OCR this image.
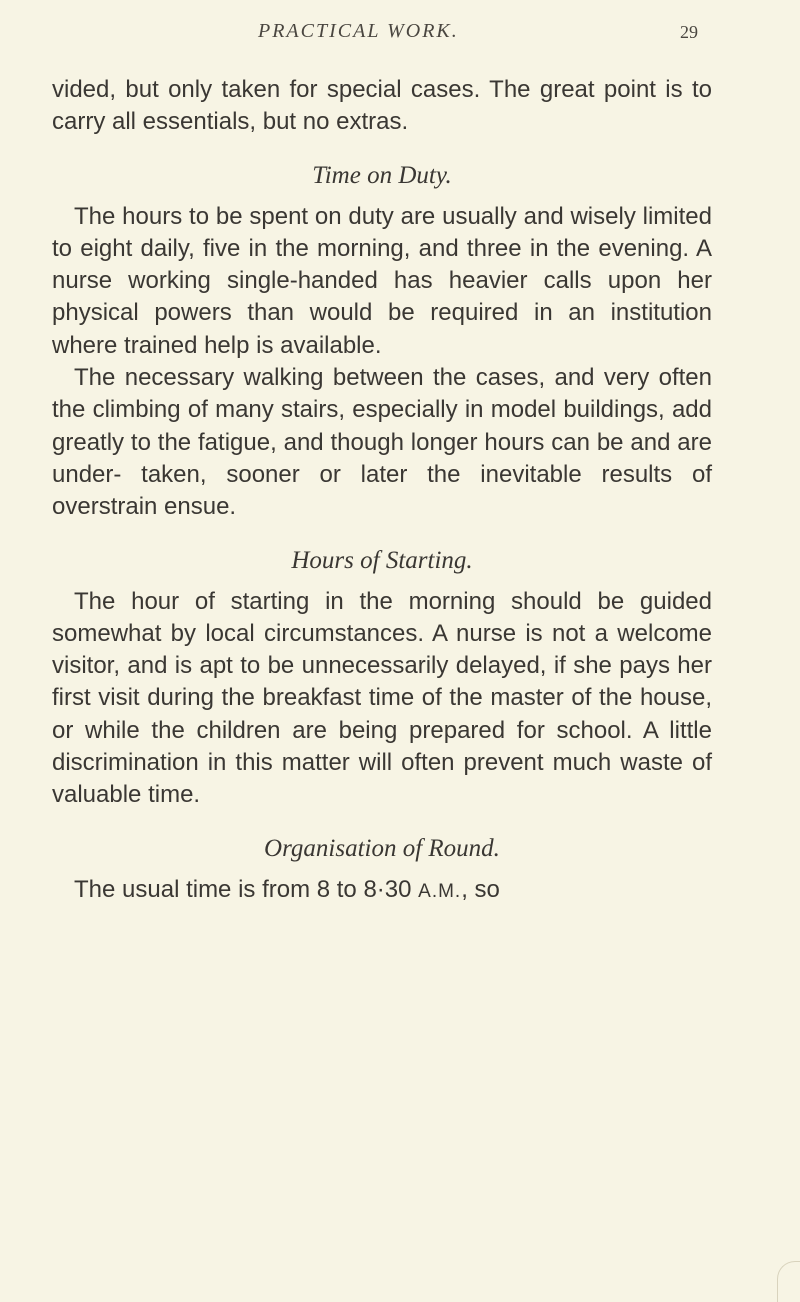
PRACTICAL WORK.	29

vided, but only taken for special cases. The great point is to carry all essentials, but no extras.

Time on Duty.

The hours to be spent on duty are usually and wisely limited to eight daily, five in the morning, and three in the evening. A nurse working single-handed has heavier calls upon her physical powers than would be required in an institution where trained help is available.

The necessary walking between the cases, and very often the climbing of many stairs, especially in model buildings, add greatly to the fatigue, and though longer hours can be and are under- taken, sooner or later the inevitable results of overstrain ensue.

Hours of Starting.

The hour of starting in the morning should be guided somewhat by local circumstances. A nurse is not a welcome visitor, and is apt to be unnecessarily delayed, if she pays her first visit during the breakfast time of the master of the house, or while the children are being prepared for school. A little discrimination in this matter will often prevent much waste of valuable time.

Organisation of Round.

The usual time is from 8 to 8·30 A.M., so
